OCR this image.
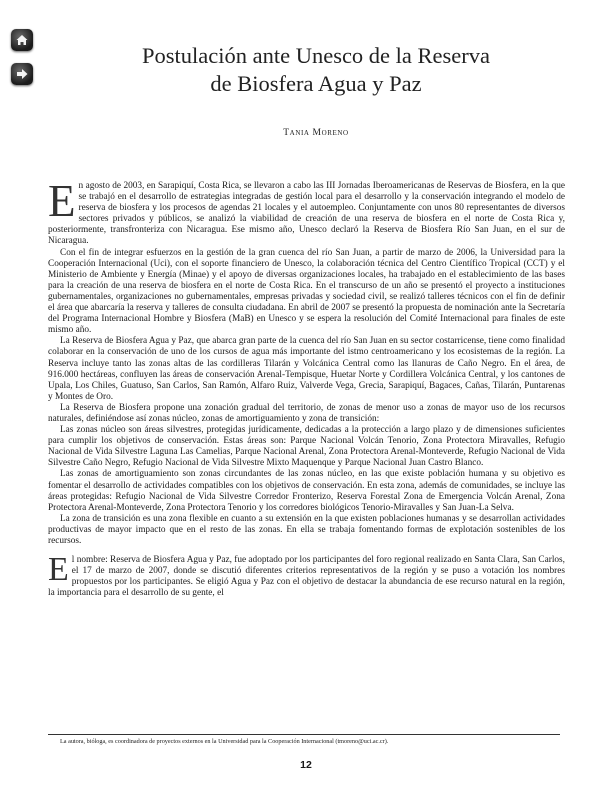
Postulación ante Unesco de la Reserva
de Biosfera Agua y Paz
Tania Moreno

En agosto de 2003, en Sarapiquí, Costa Rica, se llevaron a cabo las III Jornadas Iberoamericanas de Reservas de Biosfera, en la que se trabajó en el desarrollo de estrategias integradas de gestión local para el desarrollo y la conservación integrando el modelo de reserva de biosfera y los procesos de agendas 21 locales y el autoempleo. Conjuntamente con unos 80 representantes de diversos sectores privados y públicos, se analizó la viabilidad de creación de una reserva de biosfera en el norte de Costa Rica y, posteriormente, transfronteriza con Nicaragua. Ese mismo año, Unesco declaró la Reserva de Biosfera Río San Juan, en el sur de Nicaragua.

Con el fin de integrar esfuerzos en la gestión de la gran cuenca del río San Juan, a partir de marzo de 2006, la Universidad para la Cooperación Internacional (Uci), con el soporte financiero de Unesco, la colaboración técnica del Centro Científico Tropical (CCT) y el Ministerio de Ambiente y Energía (Minae) y el apoyo de diversas organizaciones locales, ha trabajado en el establecimiento de las bases para la creación de una reserva de biosfera en el norte de Costa Rica. En el transcurso de un año se presentó el proyecto a instituciones gubernamentales, organizaciones no gubernamentales, empresas privadas y sociedad civil, se realizó talleres técnicos con el fin de definir el área que abarcaría la reserva y talleres de consulta ciudadana. En abril de 2007 se presentó la propuesta de nominación ante la Secretaría del Programa Internacional Hombre y Biosfera (MaB) en Unesco y se espera la resolución del Comité Internacional para finales de este mismo año.

La Reserva de Biosfera Agua y Paz, que abarca gran parte de la cuenca del río San Juan en su sector costarricense, tiene como finalidad colaborar en la conservación de uno de los cursos de agua más importante del istmo centroamericano y los ecosistemas de la región. La Reserva incluye tanto las zonas altas de las cordilleras Tilarán y Volcánica Central como las llanuras de Caño Negro. En el área, de 916.000 hectáreas, confluyen las áreas de conservación Arenal-Tempisque, Huetar Norte y Cordillera Volcánica Central, y los cantones de Upala, Los Chiles, Guatuso, San Carlos, San Ramón, Alfaro Ruiz, Valverde Vega, Grecia, Sarapiquí, Bagaces, Cañas, Tilarán, Puntarenas y Montes de Oro.

La Reserva de Biosfera propone una zonación gradual del territorio, de zonas de menor uso a zonas de mayor uso de los recursos naturales, definiéndose así zonas núcleo, zonas de amortiguamiento y zona de transición:

Las zonas núcleo son áreas silvestres, protegidas jurídicamente, dedicadas a la protección a largo plazo y de dimensiones suficientes para cumplir los objetivos de conservación. Estas áreas son: Parque Nacional Volcán Tenorio, Zona Protectora Miravalles, Refugio Nacional de Vida Silvestre Laguna Las Camelias, Parque Nacional Arenal, Zona Protectora Arenal-Monteverde, Refugio Nacional de Vida Silvestre Caño Negro, Refugio Nacional de Vida Silvestre Mixto Maquenque y Parque Nacional Juan Castro Blanco.

Las zonas de amortiguamiento son zonas circundantes de las zonas núcleo, en las que existe población humana y su objetivo es fomentar el desarrollo de actividades compatibles con los objetivos de conservación. En esta zona, además de comunidades, se incluye las áreas protegidas: Refugio Nacional de Vida Silvestre Corredor Fronterizo, Reserva Forestal Zona de Emergencia Volcán Arenal, Zona Protectora Arenal-Monteverde, Zona Protectora Tenorio y los corredores biológicos Tenorio-Miravalles y San Juan-La Selva.

La zona de transición es una zona flexible en cuanto a su extensión en la que existen poblaciones humanas y se desarrollan actividades productivas de mayor impacto que en el resto de las zonas. En ella se trabaja fomentando formas de explotación sostenibles de los recursos.

El nombre: Reserva de Biosfera Agua y Paz, fue adoptado por los participantes del foro regional realizado en Santa Clara, San Carlos, el 17 de marzo de 2007, donde se discutió diferentes criterios representativos de la región y se puso a votación los nombres propuestos por los participantes. Se eligió Agua y Paz con el objetivo de destacar la abundancia de ese recurso natural en la región, la importancia para el desarrollo de su gente, el

La autora, bióloga, es coordinadora de proyectos externos en la Universidad para la Cooperación Internacional (tmoreno@uci.ac.cr).
12
